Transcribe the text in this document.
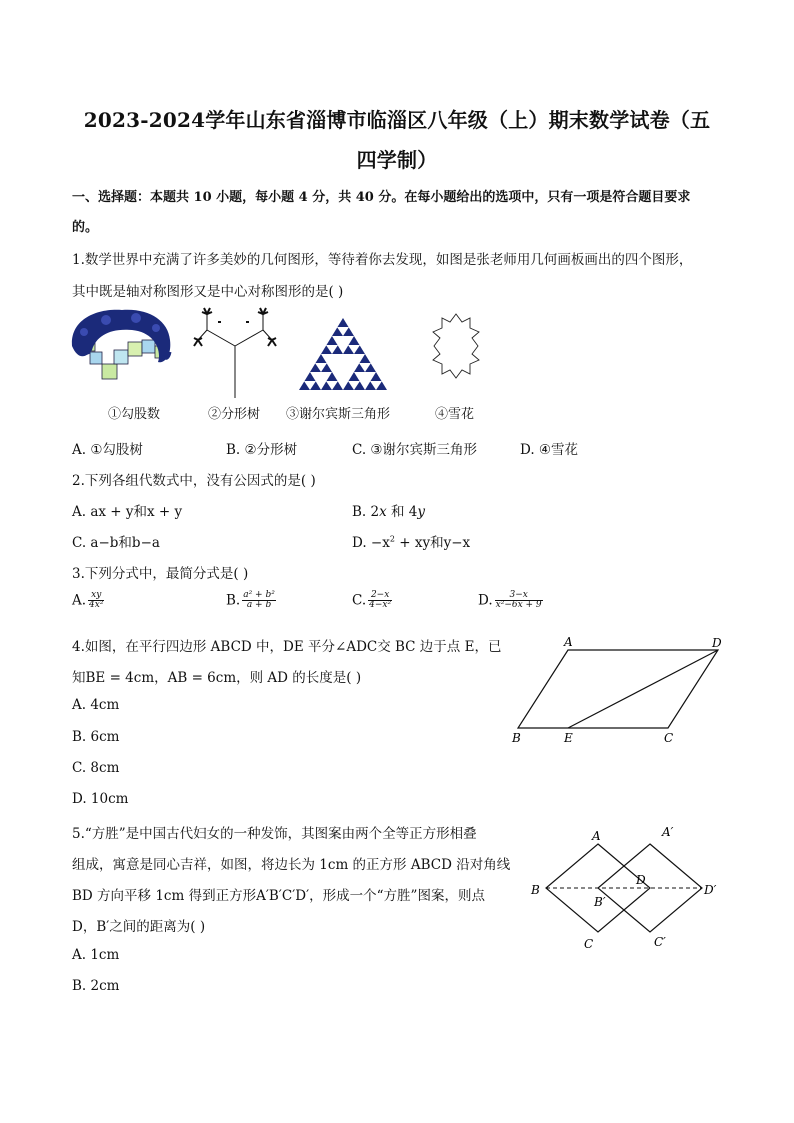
2023-2024学年山东省淄博市临淄区八年级（上）期末数学试卷（五
四学制）
一、选择题：本题共 10 小题，每小题 4 分，共 40 分。在每小题给出的选项中，只有一项是符合题目要求
的。
1.数学世界中充满了许多美妙的几何图形，等待着你去发现，如图是张老师用几何画板画出的四个图形，
其中既是轴对称图形又是中心对称图形的是( )
①勾股数	②分形树 ③谢尔宾斯三角形	④雪花
A. ①勾股树	B. ②分形树	C. ③谢尔宾斯三角形	D. ④雪花
2.下列各组代数式中，没有公因式的是( )
A. ax + y和x + y	B. 2x 和 4y
C. a−b和b−a	D. $-x^2$ + xy和y−x
3.下列分式中，最简分式是( )
A. $\frac{xy}{\text{4x²}}$	B. $\frac{\text{a² + b²}}{a + b}$	C. $\frac{2-x}{\text{4−x²}}$	D. $\frac{3-x}{\text{x²−6x + 9}}$
4.如图，在平行四边形 ABCD 中，DE 平分∠ADC交 BC 边于点 E，已
知BE = 4cm，AB = 6cm，则 AD 的长度是( )
A. 4cm
B. 6cm
C. 8cm
D. 10cm
A	D
B	E	C
5.“方胜”是中国古代妇女的一种发饰，其图案由两个全等正方形相叠
组成，寓意是同心吉祥，如图，将边长为 1cm 的正方形 ABCD 沿对角线
BD 方向平移 1cm 得到正方形A′B′C′D′，形成一个“方胜”图案，则点
D，B′之间的距离为( )
A. 1cm
B. 2cm
A	A′
B
D
B′
D′
C	C′
